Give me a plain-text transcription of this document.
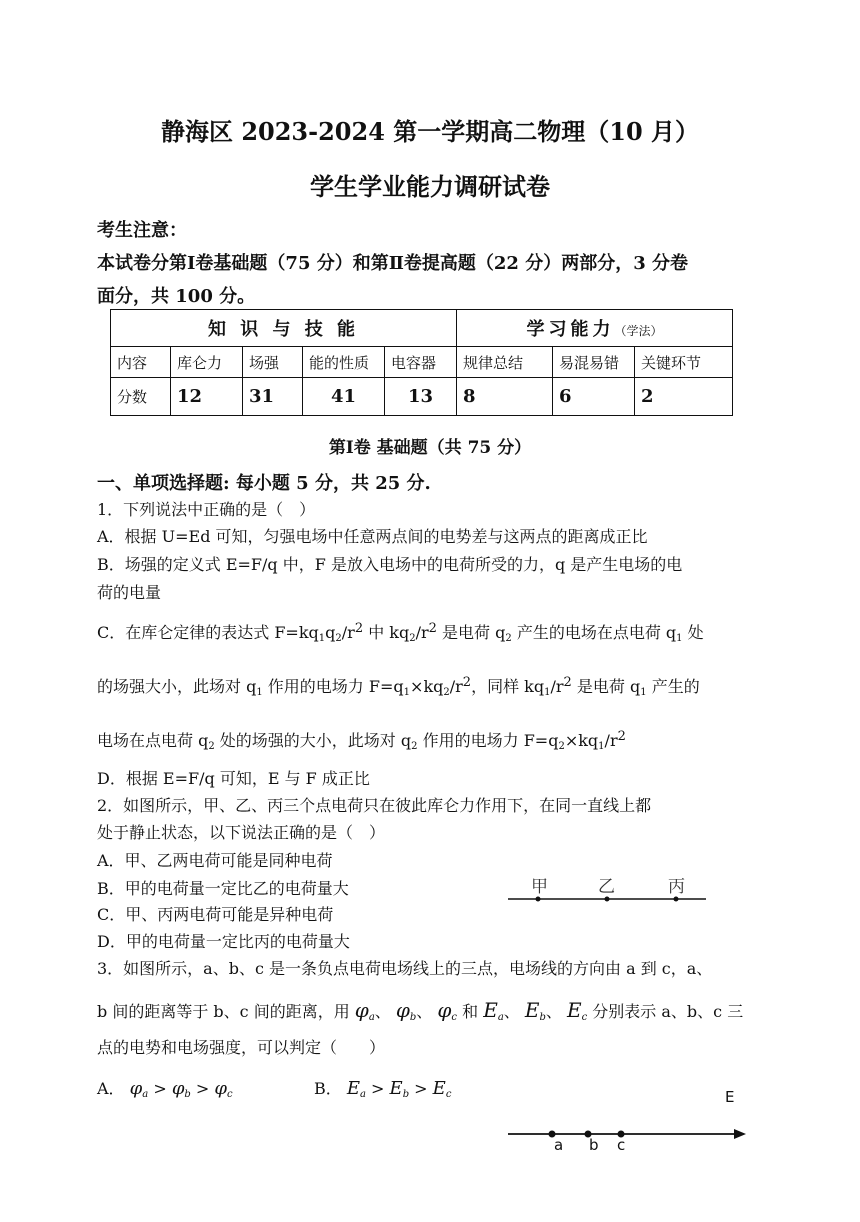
静海区 2023-2024 第一学期高二物理（10 月）
学生学业能力调研试卷
考生注意：
本试卷分第Ⅰ卷基础题（75 分）和第Ⅱ卷提高题（22 分）两部分，3 分卷
面分，共 100 分。
知 识 与 技 能					学习能力（学法）		
内容	库仑力	场强	能的性质	电容器	规律总结	易混易错	关键环节
分数	12	31	41	13	8	6	2
第Ⅰ卷 基础题（共 75 分）
一、单项选择题: 每小题 5 分，共 25 分.
1．下列说法中正确的是（　）
A．根据 U=Ed 可知，匀强电场中任意两点间的电势差与这两点的距离成正比
B．场强的定义式 E=F/q 中，F 是放入电场中的电荷所受的力，q 是产生电场的电
荷的电量
C．在库仑定律的表达式 $F=kq_1q_2/r^2$ 中 $kq_2/r^2$ 是电荷 $q_2$ 产生的电场在点电荷 $q_1$ 处
的场强大小，此场对 $q_1$ 作用的电场力 $F=q_1\times kq_2/r^2$，同样 $kq_1/r^2$ 是电荷 $q_1$ 产生的
电场在点电荷 $q_2$ 处的场强的大小，此场对 $q_2$ 作用的电场力 $F=q_2\times kq_1/r^2$
D．根据 E=F/q 可知，E 与 F 成正比
2．如图所示，甲、乙、丙三个点电荷只在彼此库仑力作用下，在同一直线上都
处于静止状态，以下说法正确的是（　）
A．甲、乙两电荷可能是同种电荷
B．甲的电荷量一定比乙的电荷量大
C．甲、丙两电荷可能是异种电荷
D．甲的电荷量一定比丙的电荷量大
甲	乙	丙
3．如图所示，a、b、c 是一条负点电荷电场线上的三点，电场线的方向由 a 到 c，a、
b 间的距离等于 b、c 间的距离，用 $\varphi_a$、 $\varphi_b$、 $\varphi_c$ 和 $E_a$、 $E_b$、 $E_c$ 分别表示 a、b、c 三
点的电势和电场强度，可以判定（　　）
A． $\varphi_a > \varphi_b > \varphi_c$	B． $E_a > E_b > E_c$	E
a b c
